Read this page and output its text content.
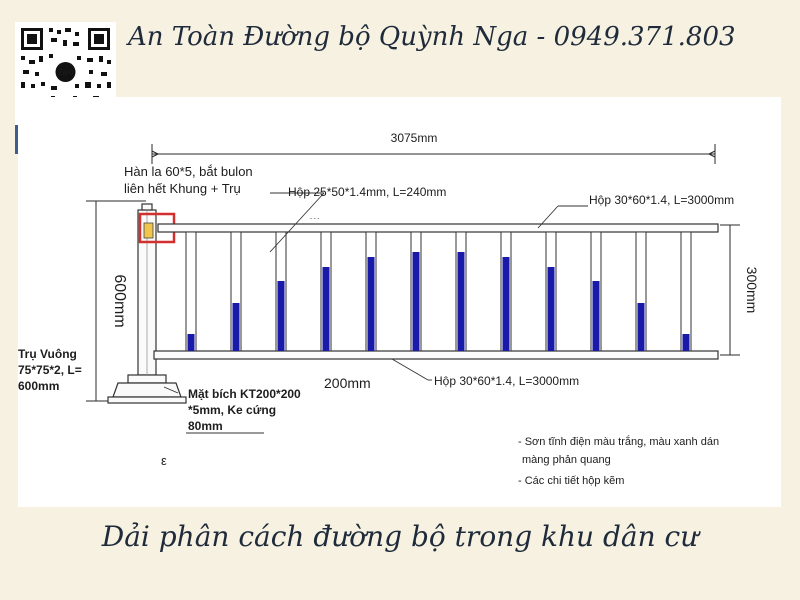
An Toàn Đường bộ Quỳnh Nga - 0949.371.803
Zalo
- - -
3075mm
Hàn la 60*5, bắt bulon
liên hết Khung + Trụ	Hộp 25*50*1.4mm, L=240mm
Hộp 30*60*1.4, L=3000mm
Hộp 30*60*1.4, L=3000mm
200mm
600mm	300mm
Trụ Vuông
75*75*2, L=
600mm
Mặt bích KT200*200
*5mm, Ke cứng
80mm
ε
- Sơn tĩnh điện màu trắng, màu xanh dán
màng phản quang
- Các chi tiết hộp kẽm
Dải phân cách đường bộ trong khu dân cư
